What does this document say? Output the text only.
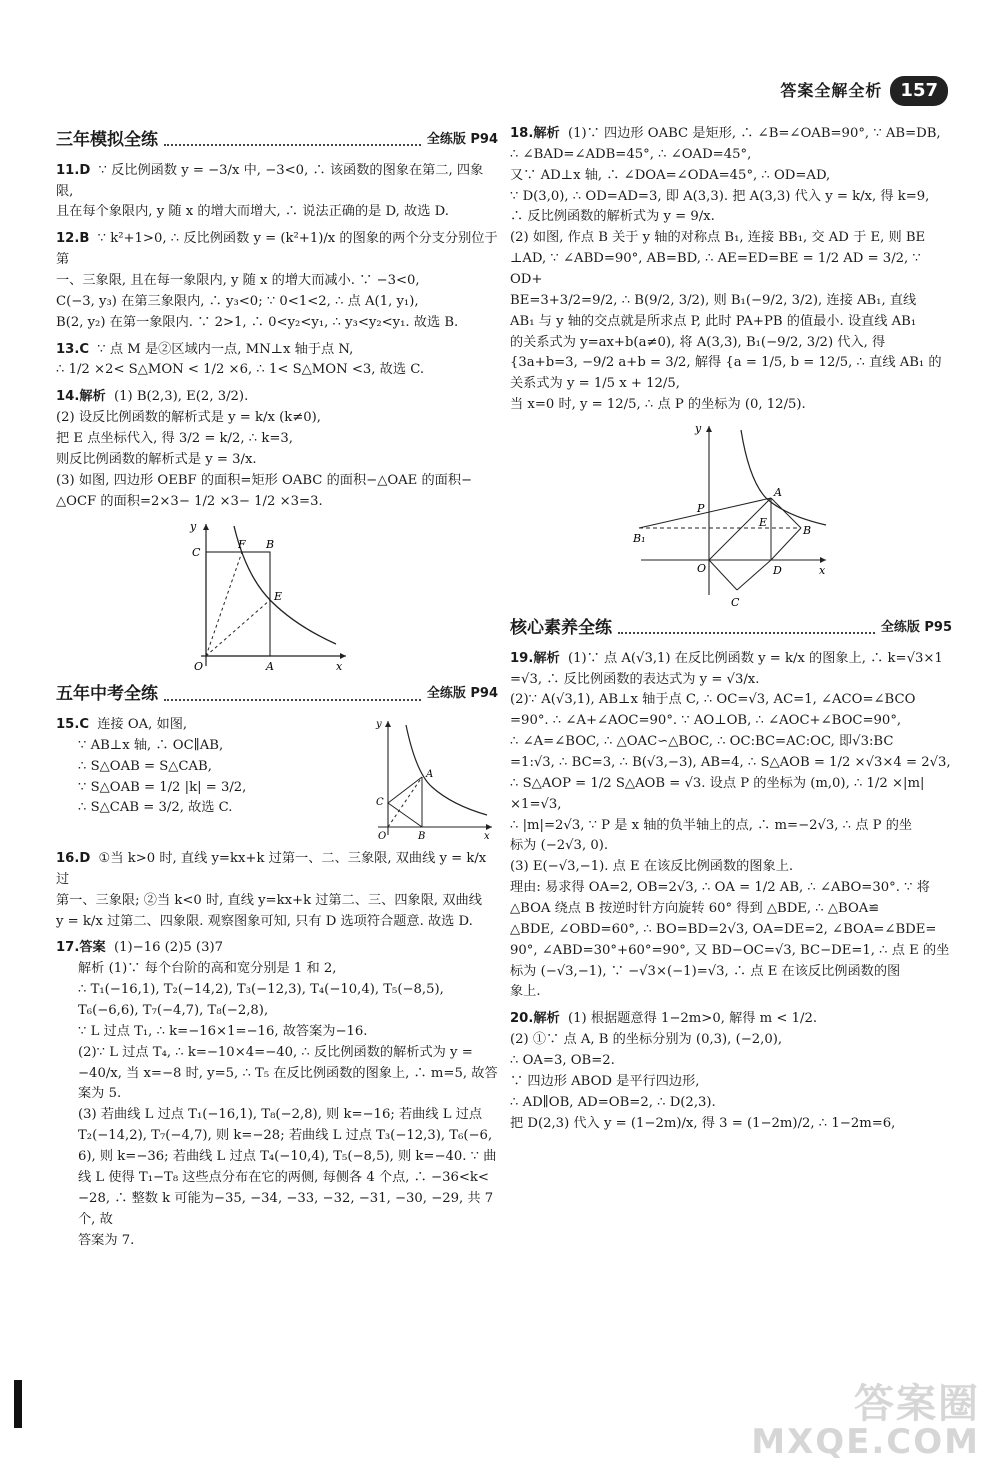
答案全解全析	157
三年模拟全练	全练版 P94
11.D ∵ 反比例函数 y = −3/x 中, −3<0, ∴ 该函数的图象在第二, 四象限,
且在每个象限内, y 随 x 的增大而增大, ∴ 说法正确的是 D, 故选 D.
12.B ∵ k²+1>0, ∴ 反比例函数 y = (k²+1)/x 的图象的两个分支分别位于第
一、三象限, 且在每一象限内, y 随 x 的增大而减小. ∵ −3<0,
C(−3, y₃) 在第三象限内, ∴ y₃<0; ∵ 0<1<2, ∴ 点 A(1, y₁),
B(2, y₂) 在第一象限内. ∵ 2>1, ∴ 0<y₂<y₁, ∴ y₃<y₂<y₁. 故选 B.
13.C ∵ 点 M 是②区域内一点, MN⊥x 轴于点 N,
∴ 1/2 ×2< S△MON < 1/2 ×6, ∴ 1< S△MON <3, 故选 C.
14.解析 (1) B(2,3), E(2, 3/2).
(2) 设反比例函数的解析式是 y = k/x (k≠0),
把 E 点坐标代入, 得 3/2 = k/2, ∴ k=3,
则反比例函数的解析式是 y = 3/x.
(3) 如图, 四边形 OEBF 的面积=矩形 OABC 的面积−△OAE 的面积−
△OCF 的面积=2×3− 1/2 ×3− 1/2 ×3=3.
y
C
F B
E
O	A	x
五年中考全练	全练版 P94
15.C 连接 OA, 如图,
∵ AB⊥x 轴, ∴ OC∥AB,
∴ S△OAB = S△CAB,
∵ S△OAB = 1/2 |k| = 3/2,
∴ S△CAB = 3/2, 故选 C.
y
A
C
O	B	x
16.D ①当 k>0 时, 直线 y=kx+k 过第一、二、三象限, 双曲线 y = k/x 过
第一、三象限; ②当 k<0 时, 直线 y=kx+k 过第二、三、四象限, 双曲线
y = k/x 过第二、四象限. 观察图象可知, 只有 D 选项符合题意. 故选 D.
17.答案 (1)−16 (2)5 (3)7
解析 (1)∵ 每个台阶的高和宽分别是 1 和 2,
∴ T₁(−16,1), T₂(−14,2), T₃(−12,3), T₄(−10,4), T₅(−8,5),
T₆(−6,6), T₇(−4,7), T₈(−2,8),
∵ L 过点 T₁, ∴ k=−16×1=−16, 故答案为−16.
(2)∵ L 过点 T₄, ∴ k=−10×4=−40, ∴ 反比例函数的解析式为 y =
−40/x, 当 x=−8 时, y=5, ∴ T₅ 在反比例函数的图象上, ∴ m=5, 故答
案为 5.
(3) 若曲线 L 过点 T₁(−16,1), T₈(−2,8), 则 k=−16; 若曲线 L 过点
T₂(−14,2), T₇(−4,7), 则 k=−28; 若曲线 L 过点 T₃(−12,3), T₆(−6,
6), 则 k=−36; 若曲线 L 过点 T₄(−10,4), T₅(−8,5), 则 k=−40. ∵ 曲
线 L 使得 T₁−T₈ 这些点分布在它的两侧, 每侧各 4 个点, ∴ −36<k<
−28, ∴ 整数 k 可能为−35, −34, −33, −32, −31, −30, −29, 共 7 个, 故
答案为 7.
18.解析 (1)∵ 四边形 OABC 是矩形, ∴ ∠B=∠OAB=90°, ∵ AB=DB,
∴ ∠BAD=∠ADB=45°, ∴ ∠OAD=45°,
又∵ AD⊥x 轴, ∴ ∠DOA=∠ODA=45°, ∴ OD=AD,
∵ D(3,0), ∴ OD=AD=3, 即 A(3,3). 把 A(3,3) 代入 y = k/x, 得 k=9,
∴ 反比例函数的解析式为 y = 9/x.
(2) 如图, 作点 B 关于 y 轴的对称点 B₁, 连接 BB₁, 交 AD 于 E, 则 BE
⊥AD, ∵ ∠ABD=90°, AB=BD, ∴ AE=ED=BE = 1/2 AD = 3/2, ∵ OD+
BE=3+3/2=9/2, ∴ B(9/2, 3/2), 则 B₁(−9/2, 3/2), 连接 AB₁, 直线
AB₁ 与 y 轴的交点就是所求点 P, 此时 PA+PB 的值最小. 设直线 AB₁
的关系式为 y=ax+b(a≠0), 将 A(3,3), B₁(−9/2, 3/2) 代入, 得
{3a+b=3, −9/2 a+b = 3/2, 解得 {a = 1/5, b = 12/5, ∴ 直线 AB₁ 的关系式为 y = 1/5 x + 12/5,
当 x=0 时, y = 12/5, ∴ 点 P 的坐标为 (0, 12/5).
y
A
P
E
B
B₁
O	D
C
x
核心素养全练	全练版 P95
19.解析 (1)∵ 点 A(√3,1) 在反比例函数 y = k/x 的图象上, ∴ k=√3×1
=√3, ∴ 反比例函数的表达式为 y = √3/x.
(2)∵ A(√3,1), AB⊥x 轴于点 C, ∴ OC=√3, AC=1, ∠ACO=∠BCO
=90°. ∴ ∠A+∠AOC=90°. ∵ AO⊥OB, ∴ ∠AOC+∠BOC=90°,
∴ ∠A=∠BOC, ∴ △OAC∽△BOC, ∴ OC:BC=AC:OC, 即√3:BC
=1:√3, ∴ BC=3, ∴ B(√3,−3), AB=4, ∴ S△AOB = 1/2 ×√3×4 = 2√3,
∴ S△AOP = 1/2 S△AOB = √3. 设点 P 的坐标为 (m,0), ∴ 1/2 ×|m|×1=√3,
∴ |m|=2√3, ∵ P 是 x 轴的负半轴上的点, ∴ m=−2√3, ∴ 点 P 的坐
标为 (−2√3, 0).
(3) E(−√3,−1). 点 E 在该反比例函数的图象上.
理由: 易求得 OA=2, OB=2√3, ∴ OA = 1/2 AB, ∴ ∠ABO=30°. ∵ 将
△BOA 绕点 B 按逆时针方向旋转 60° 得到 △BDE, ∴ △BOA≌
△BDE, ∠OBD=60°, ∴ BO=BD=2√3, OA=DE=2, ∠BOA=∠BDE=
90°, ∠ABD=30°+60°=90°, 又 BD−OC=√3, BC−DE=1, ∴ 点 E 的坐
标为 (−√3,−1), ∵ −√3×(−1)=√3, ∴ 点 E 在该反比例函数的图
象上.
20.解析 (1) 根据题意得 1−2m>0, 解得 m < 1/2.
(2) ①∵ 点 A, B 的坐标分别为 (0,3), (−2,0),
∴ OA=3, OB=2.
∵ 四边形 ABOD 是平行四边形,
∴ AD∥OB, AD=OB=2, ∴ D(2,3).
把 D(2,3) 代入 y = (1−2m)/x, 得 3 = (1−2m)/2, ∴ 1−2m=6,
答案圈
MXQE.COM
